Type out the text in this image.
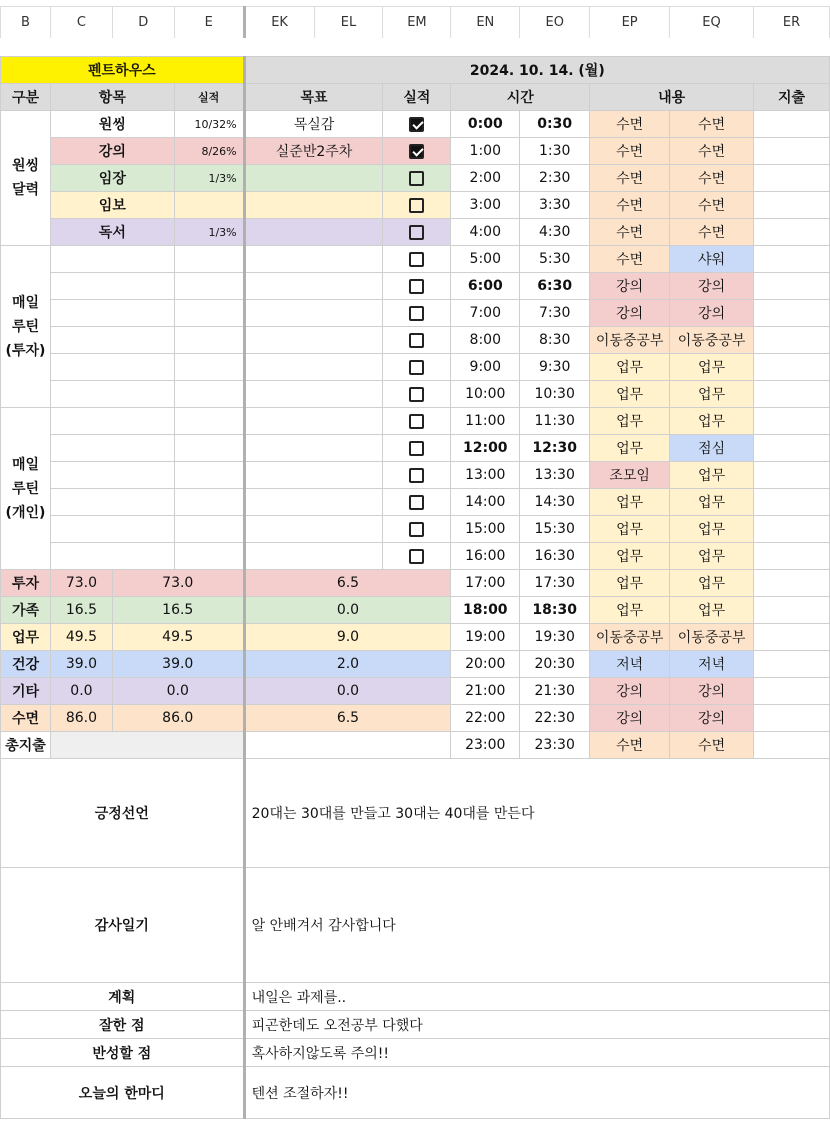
B	C	D	E	EK	EL	EM	EN	EO	EP	EQ	ER
펜트하우스				2024. 10. 14. (월)						
구분	항목		실적	목표	실적	시간		내용		지출
원씽
달력	원씽		10/32%	목실감		0:00	0:30	수면	수면	
	강의		8/26%	실준반2주차		1:00	1:30	수면	수면	
	임장		1/3%			2:00	2:30	수면	수면	
	임보					3:00	3:30	수면	수면	
	독서		1/3%			4:00	4:30	수면	수면	
매일
루틴
(투자)						5:00	5:30	수면	샤워	
						6:00	6:30	강의	강의	
						7:00	7:30	강의	강의	
						8:00	8:30	이동중공부	이동중공부	
						9:00	9:30	업무	업무	
						10:00	10:30	업무	업무	
매일
루틴
(개인)						11:00	11:30	업무	업무	
						12:00	12:30	업무	점심	
						13:00	13:30	조모임	업무	
						14:00	14:30	업무	업무	
						15:00	15:30	업무	업무	
						16:00	16:30	업무	업무	
투자	73.0	73.0		6.5		17:00	17:30	업무	업무	
가족	16.5	16.5		0.0		18:00	18:30	업무	업무	
업무	49.5	49.5		9.0		19:00	19:30	이동중공부	이동중공부	
건강	39.0	39.0		2.0		20:00	20:30	저녁	저녁	
기타	0.0	0.0		0.0		21:00	21:30	강의	강의	
수면	86.0	86.0		6.5		22:00	22:30	강의	강의	
총지출						23:00	23:30	수면	수면	
긍정선언				20대는 30대를 만들고 30대는 40대를 만든다						
감사일기				알 안배겨서 감사합니다						
계획				내일은 과제를..						
잘한 점				피곤한데도 오전공부 다했다						
반성할 점				혹사하지않도록 주의!!						
오늘의 한마디				텐션 조절하자!!						
